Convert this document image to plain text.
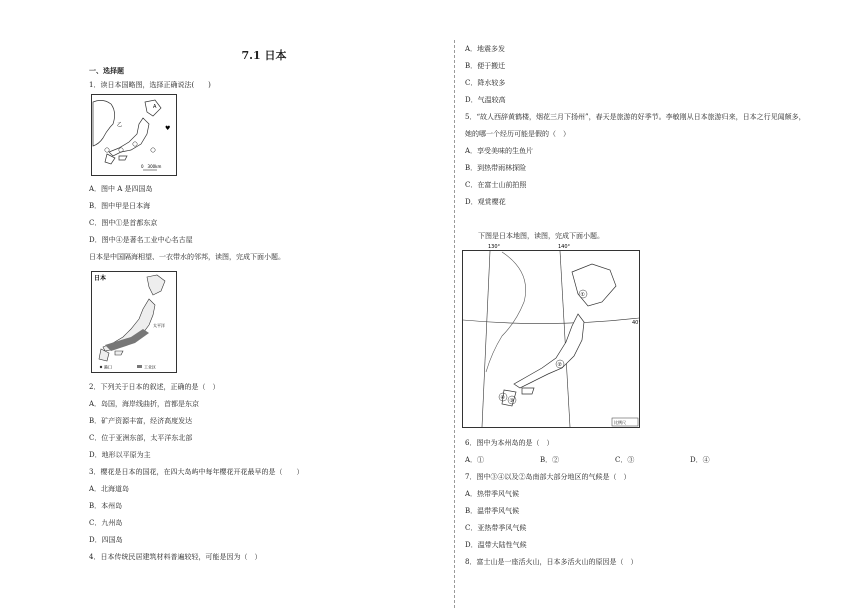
7.1 日本
一、选择题
1．读日本国略图，选择正确说法(　　)
A
乙	♥
0　300km
A．图中 A 是四国岛
B．图中甲是日本海
C．图中①是首都东京
D．图中④是著名工业中心名古屋
日本是中国隔海相望、一衣带水的邻邦，读图，完成下面小题。
日本
太平洋
港口	工业区
2．下列关于日本的叙述，正确的是（　）
A．岛国，海岸线曲折，首都是东京
B．矿产资源丰富，经济高度发达
C．位于亚洲东部，太平洋东北部
D．地形以平原为主
3．樱花是日本的国花，在四大岛屿中每年樱花开花最早的是（　　）
A．北海道岛
B．本州岛
C．九州岛
D．四国岛
4．日本传统民居建筑材料普遍较轻，可能是因为（　）
A．地震多发
B．便于搬迁
C．降水较多
D．气温较高
5．“故人西辞黄鹤楼，烟花三月下扬州”，春天是旅游的好季节。李敏刚从日本旅游归来，日本之行见闻颇多，
她的哪一个经历可能是假的（　）
A．享受美味的生鱼片
B．到热带雨林探险
C．在富士山前拍照
D．观赏樱花
下图是日本地图，读图，完成下面小题。
130°	140°
40°
①
②
④ ③
比例尺
6．图中为本州岛的是（　）
A．①	B．②	C．③	D．④
7．图中③④以及②岛南部大部分地区的气候是（　）
A．热带季风气候
B．温带季风气候
C．亚热带季风气候
D．温带大陆性气候
8．富士山是一座活火山，日本多活火山的原因是（　）
